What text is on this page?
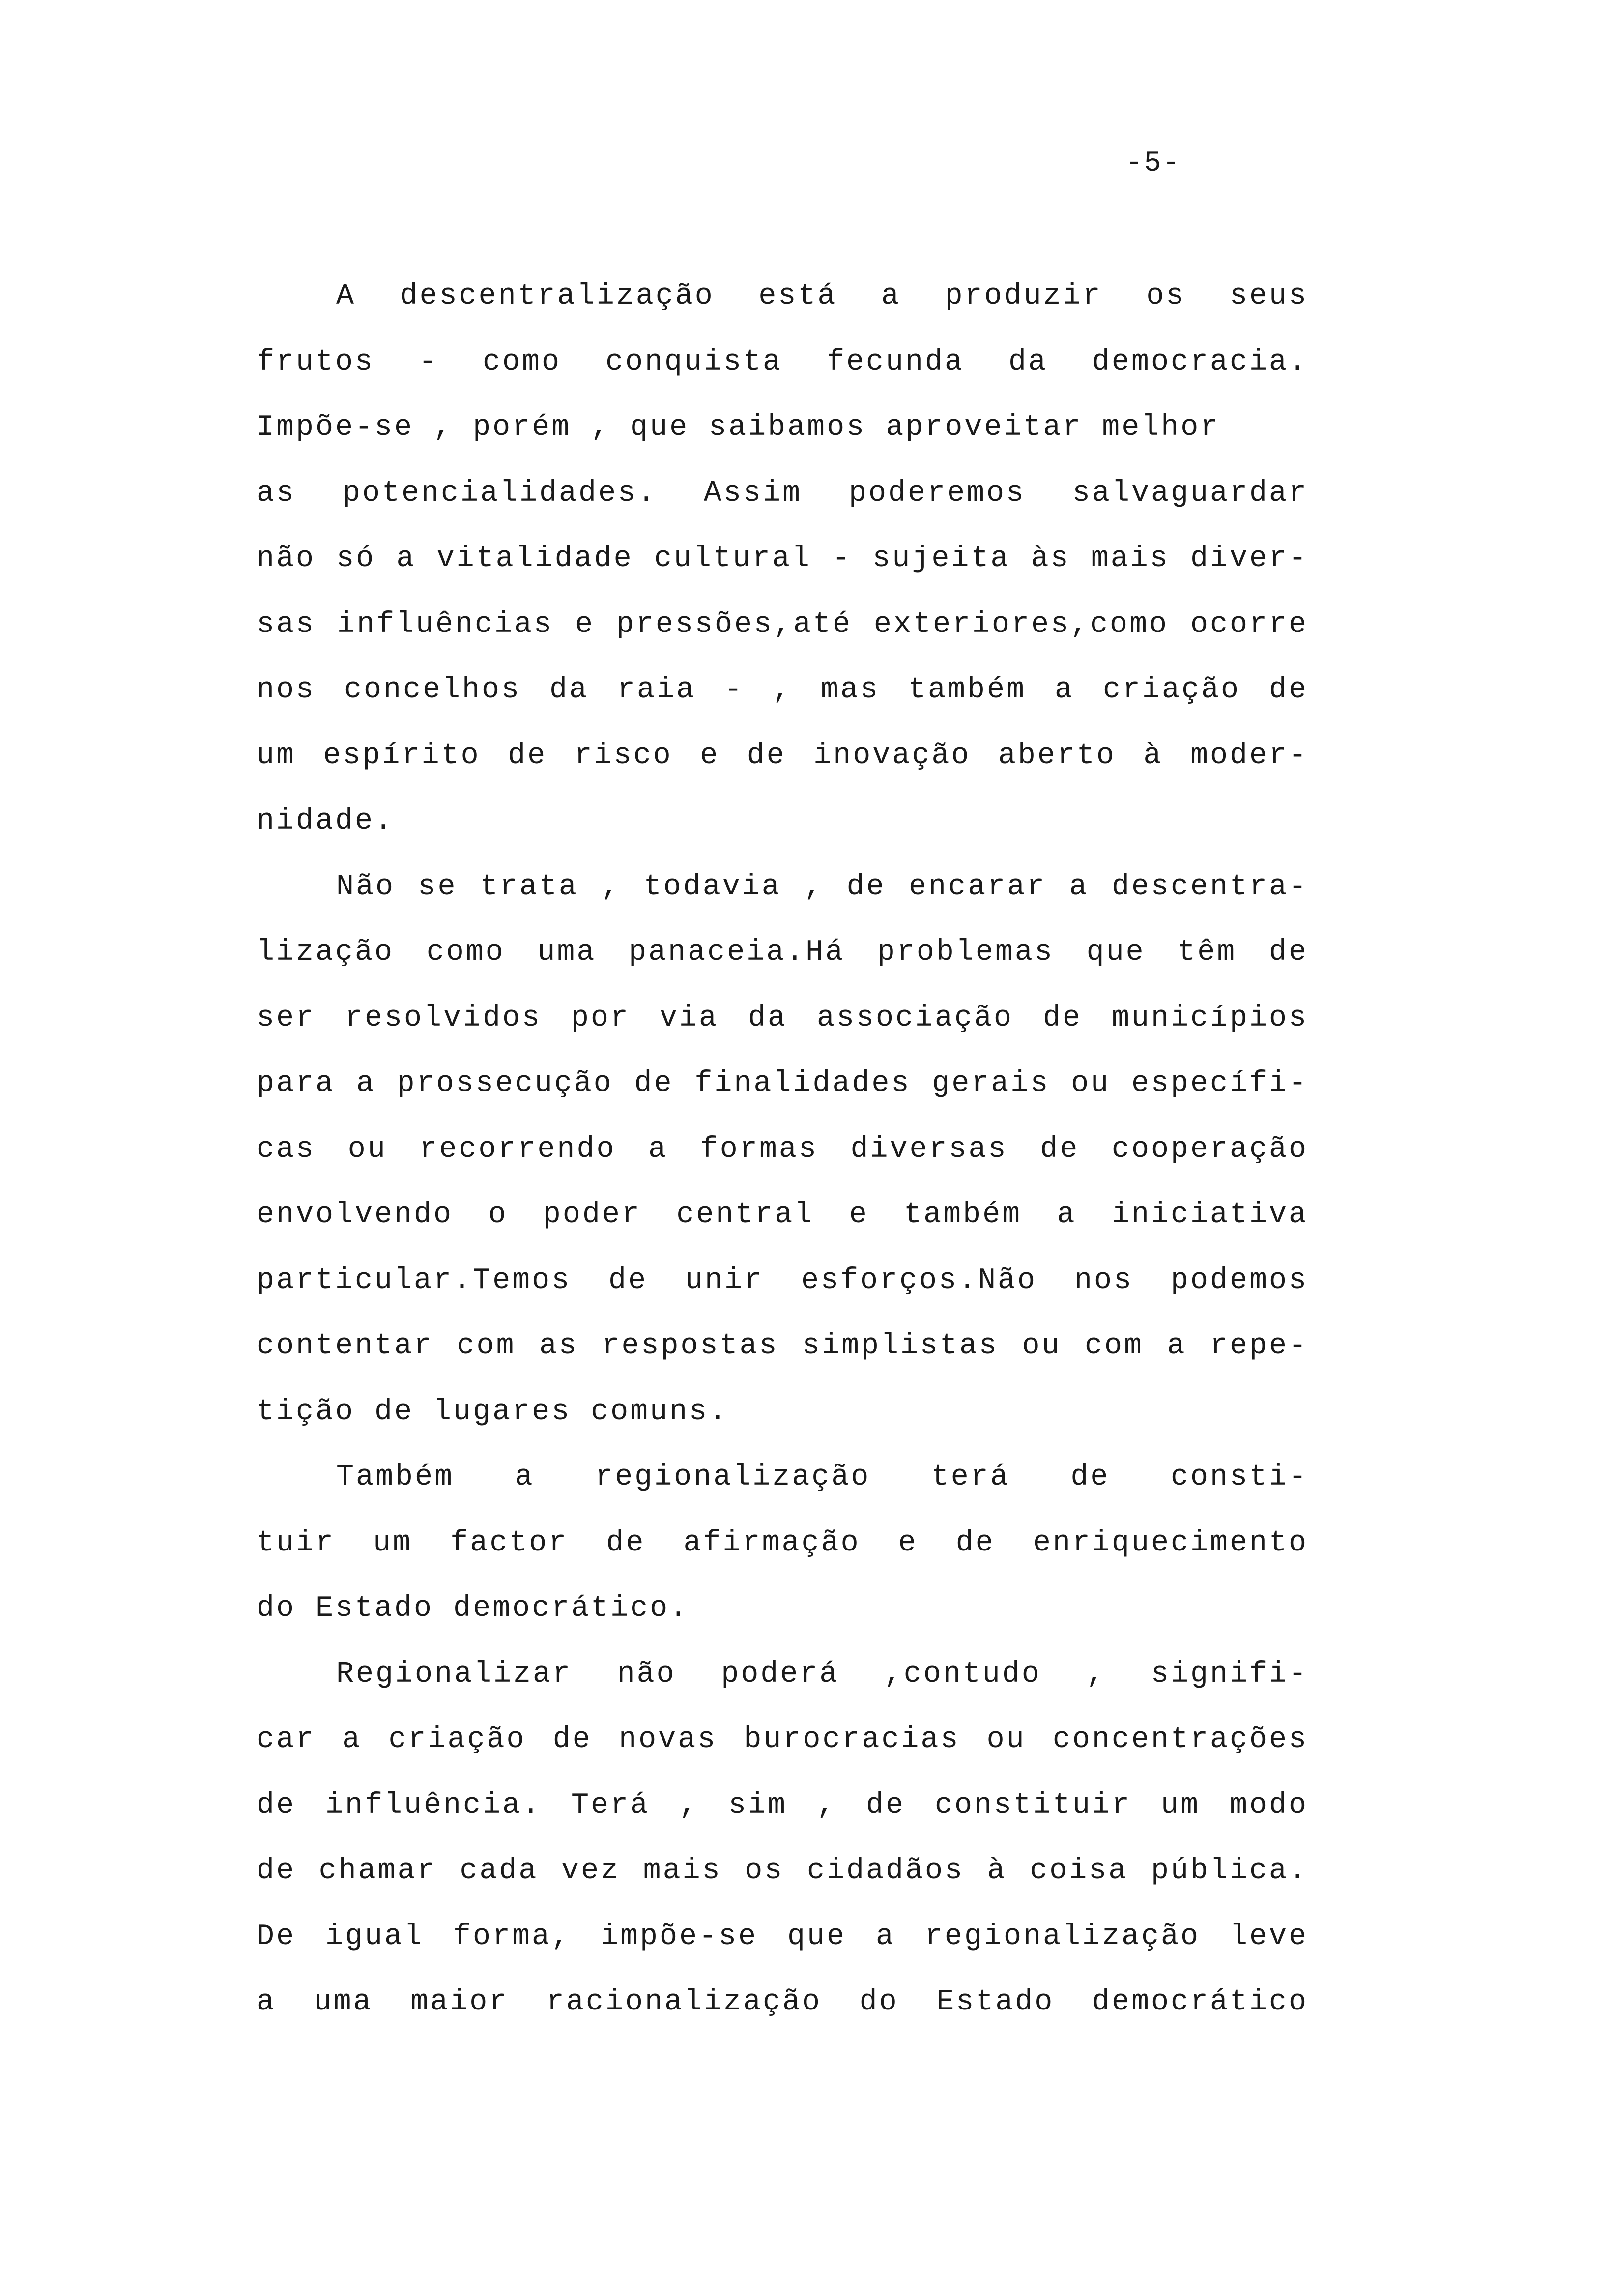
-5-
A descentralização está a produzir os seus
frutos - como conquista fecunda da democracia.
Impõe-se , porém , que saibamos aproveitar melhor
as potencialidades. Assim poderemos salvaguardar
não só a vitalidade cultural - sujeita às mais diver-
sas influências e pressões,até exteriores,como ocorre
nos concelhos da raia - , mas também a criação de
um espírito de risco e de inovação aberto à moder-
nidade.
Não se trata , todavia , de encarar a descentra-
lização como uma panaceia.Há problemas que têm de
ser resolvidos por via da associação de municípios
para a prossecução de finalidades gerais ou específi-
cas ou recorrendo a formas diversas de cooperação
envolvendo o poder central e também a iniciativa
particular.Temos de unir esforços.Não nos podemos
contentar com as respostas simplistas ou com a repe-
tição de lugares comuns.
Também a regionalização terá de consti-
tuir um factor de afirmação e de enriquecimento
do Estado democrático.
Regionalizar não poderá ,contudo , signifi-
car a criação de novas burocracias ou concentrações
de influência. Terá , sim , de constituir um modo
de chamar cada vez mais os cidadãos à coisa pública.
De igual forma, impõe-se que a regionalização leve
a uma maior racionalização do Estado democrático
